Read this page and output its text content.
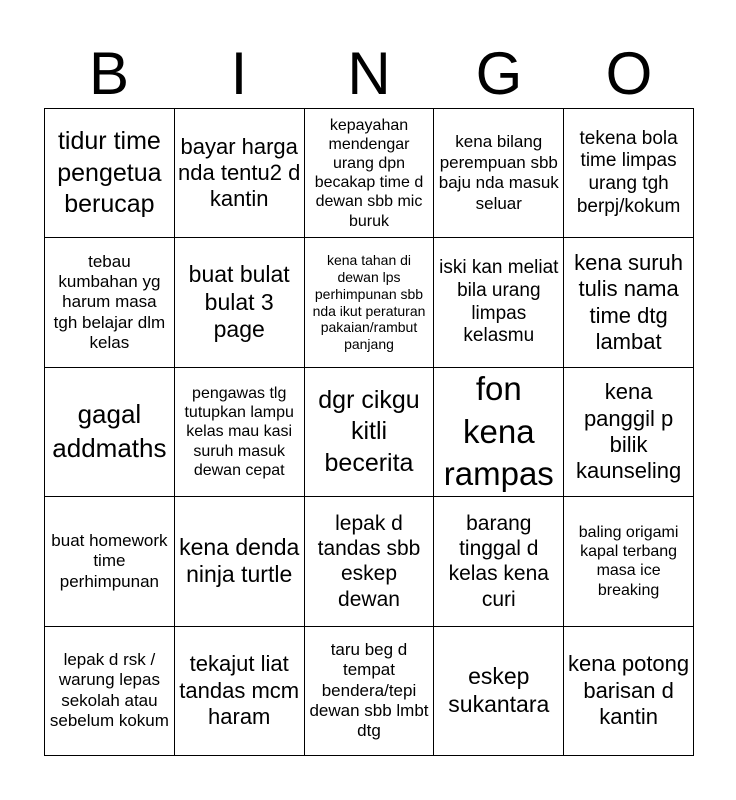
B	I	N	G	O
tidur time pengetua berucap
bayar harga nda tentu2 d kantin
kepayahan mendengar urang dpn becakap time d dewan sbb mic buruk
kena bilang perempuan sbb baju nda masuk seluar
tekena bola time limpas urang tgh berpj/kokum
tebau kumbahan yg harum masa tgh belajar dlm kelas
buat bulat bulat 3 page
kena tahan di dewan lps perhimpunan sbb nda ikut peraturan pakaian/rambut panjang
iski kan meliat bila urang limpas kelasmu
kena suruh tulis nama time dtg lambat
gagal addmaths
pengawas tlg tutupkan lampu kelas mau kasi suruh masuk dewan cepat
dgr cikgu kitli becerita
fon kena rampas
kena panggil p bilik kaunseling
buat homework time perhimpunan
kena denda ninja turtle
lepak d tandas sbb eskep dewan
barang tinggal d kelas kena curi
baling origami kapal terbang masa ice breaking
lepak d rsk / warung lepas sekolah atau sebelum kokum
tekajut liat tandas mcm haram
taru beg d tempat bendera/tepi dewan sbb lmbt dtg
eskep sukantara
kena potong barisan d kantin
